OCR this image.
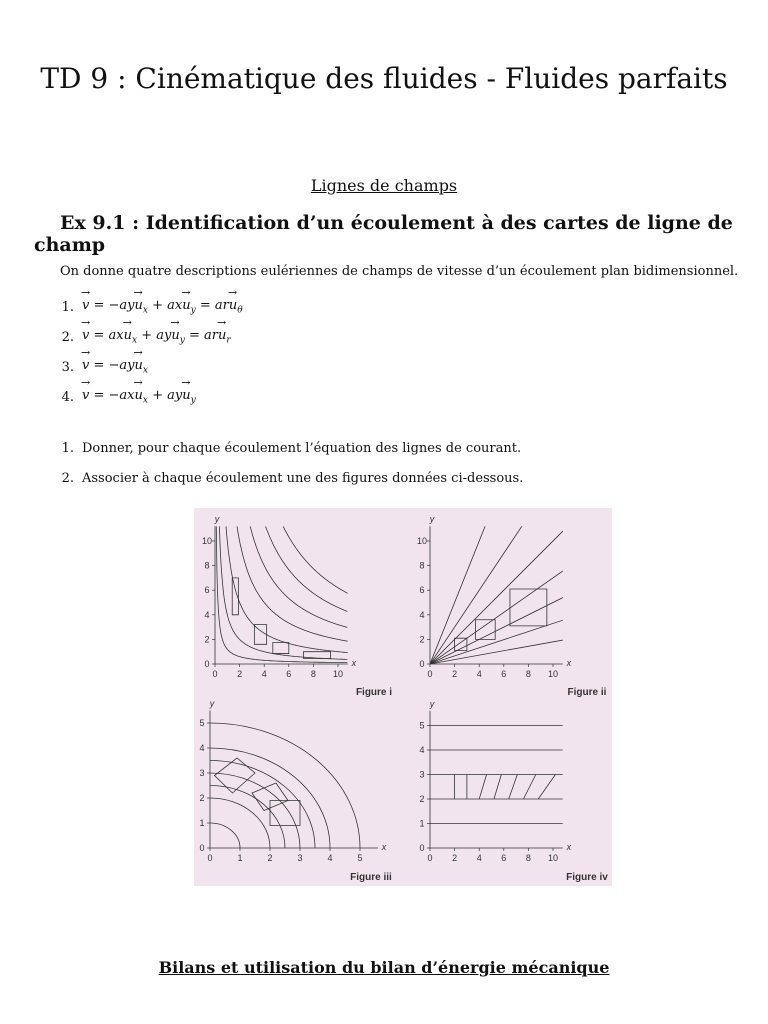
TD 9 : Cinématique des fluides - Fluides parfaits
Lignes de champs
Ex 9.1 : Identification d’un écoulement à des cartes de ligne de champ
On donne quatre descriptions eulériennes de champs de vitesse d’un écoulement plan bidimensionnel.
1. → $v = -ay\to u_x + ax\to u_y = ar\to u_\theta$
2. → $v = ax\to u_x + ay\to u_y = ar\to u_r$
3. → $v = -ay\to u_x$
4. → $v = -ax\to u_x + ay\to u_y$
1. Donner, pour chaque écoulement l’équation des lignes de courant.
2. Associer à chaque écoulement une des figures données ci-dessous.
x
y
0 2 4 6 8 10
0
2
4
6
8
10
Figure i
x
y
0 2 4 6 8 10
0
2
4
6
8
10
Figure ii
x
y
0	1	2	3	4	5
0
1
2
3
4
5
Figure iii
x
y
0 2 4 6 8 10
0
1
2
3
4
5
Figure iv
Bilans et utilisation du bilan d’énergie mécanique
